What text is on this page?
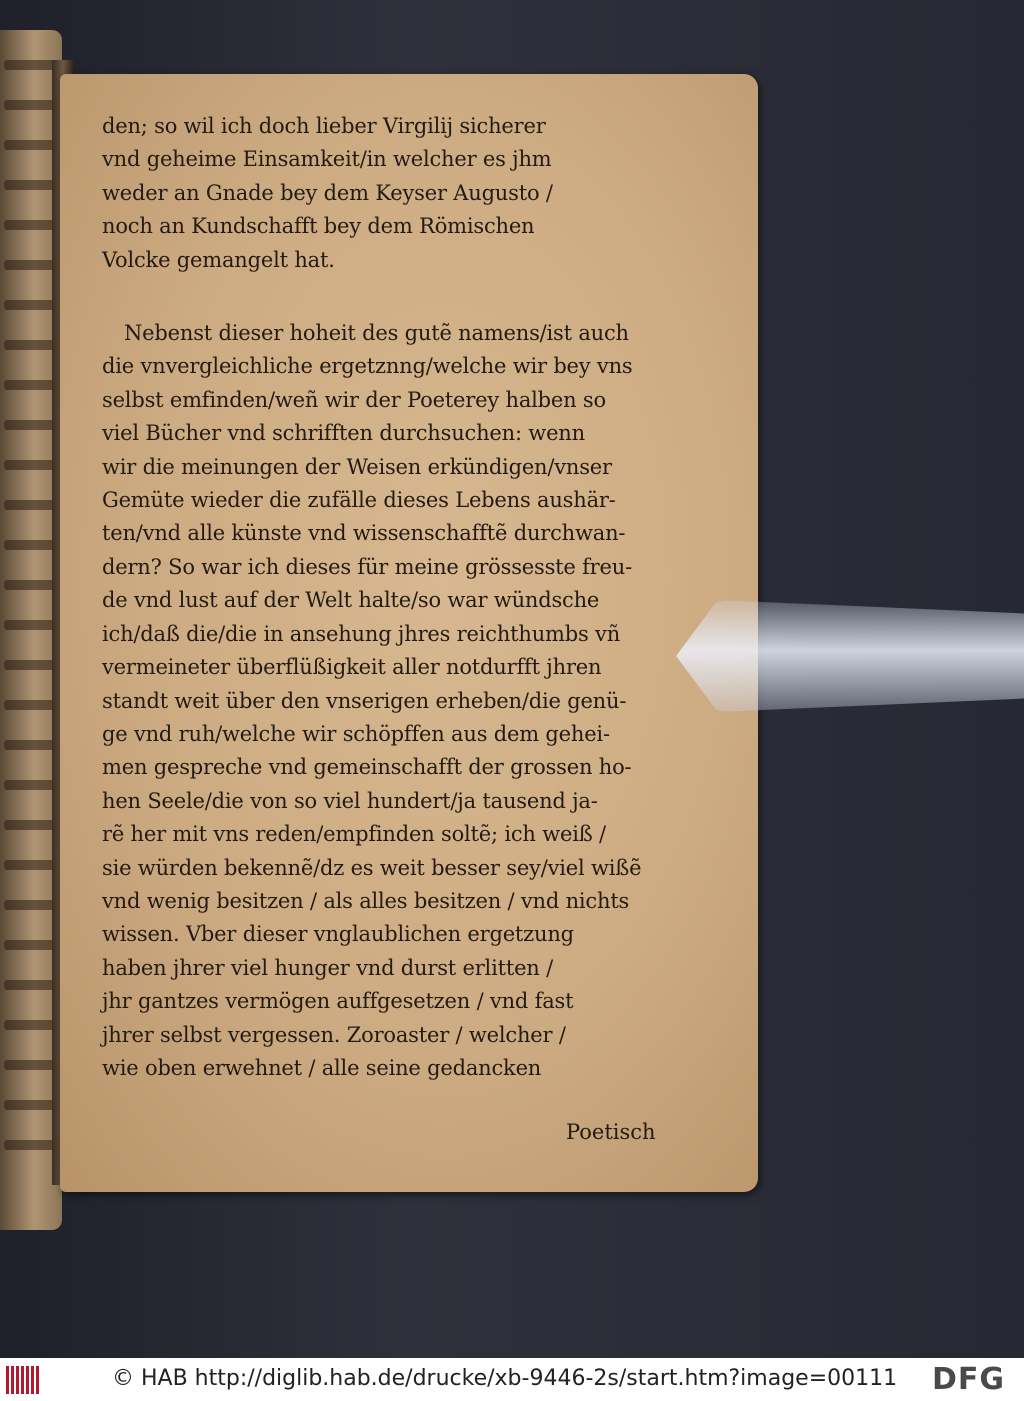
den; so wil ich doch lieber Virgilij sicherer
vnd geheime Einsamkeit/in welcher es jhm
weder an Gnade bey dem Keyser Augusto /
noch an Kundschafft bey dem Römischen
Volcke gemangelt hat.
Nebenst dieser hoheit des gutẽ namens/ist auch
die vnvergleichliche ergetznng/welche wir bey vns
selbst emfinden/weñ wir der Poeterey halben so
viel Bücher vnd schrifften durchsuchen: wenn
wir die meinungen der Weisen erkündigen/vnser
Gemüte wieder die zufälle dieses Lebens aushär-
ten/vnd alle künste vnd wissenschafftẽ durchwan-
dern? So war ich dieses für meine grössesste freu-
de vnd lust auf der Welt halte/so war wündsche
ich/daß die/die in ansehung jhres reichthumbs vñ
vermeineter überflüßigkeit aller notdurfft jhren
standt weit über den vnserigen erheben/die genü-
ge vnd ruh/welche wir schöpffen aus dem gehei-
men gespreche vnd gemeinschafft der grossen ho-
hen Seele/die von so viel hundert/ja tausend ja-
rẽ her mit vns reden/empfinden soltẽ; ich weiß /
sie würden bekennẽ/dz es weit besser sey/viel wißẽ
vnd wenig besitzen / als alles besitzen / vnd nichts
wissen. Vber dieser vnglaublichen ergetzung
haben jhrer viel hunger vnd durst erlitten /
jhr gantzes vermögen auffgesetzen / vnd fast
jhrer selbst vergessen. Zoroaster / welcher /
wie oben erwehnet / alle seine gedancken
Poetisch
© HAB http://diglib.hab.de/drucke/xb-9446-2s/start.htm?image=00111 DFG
